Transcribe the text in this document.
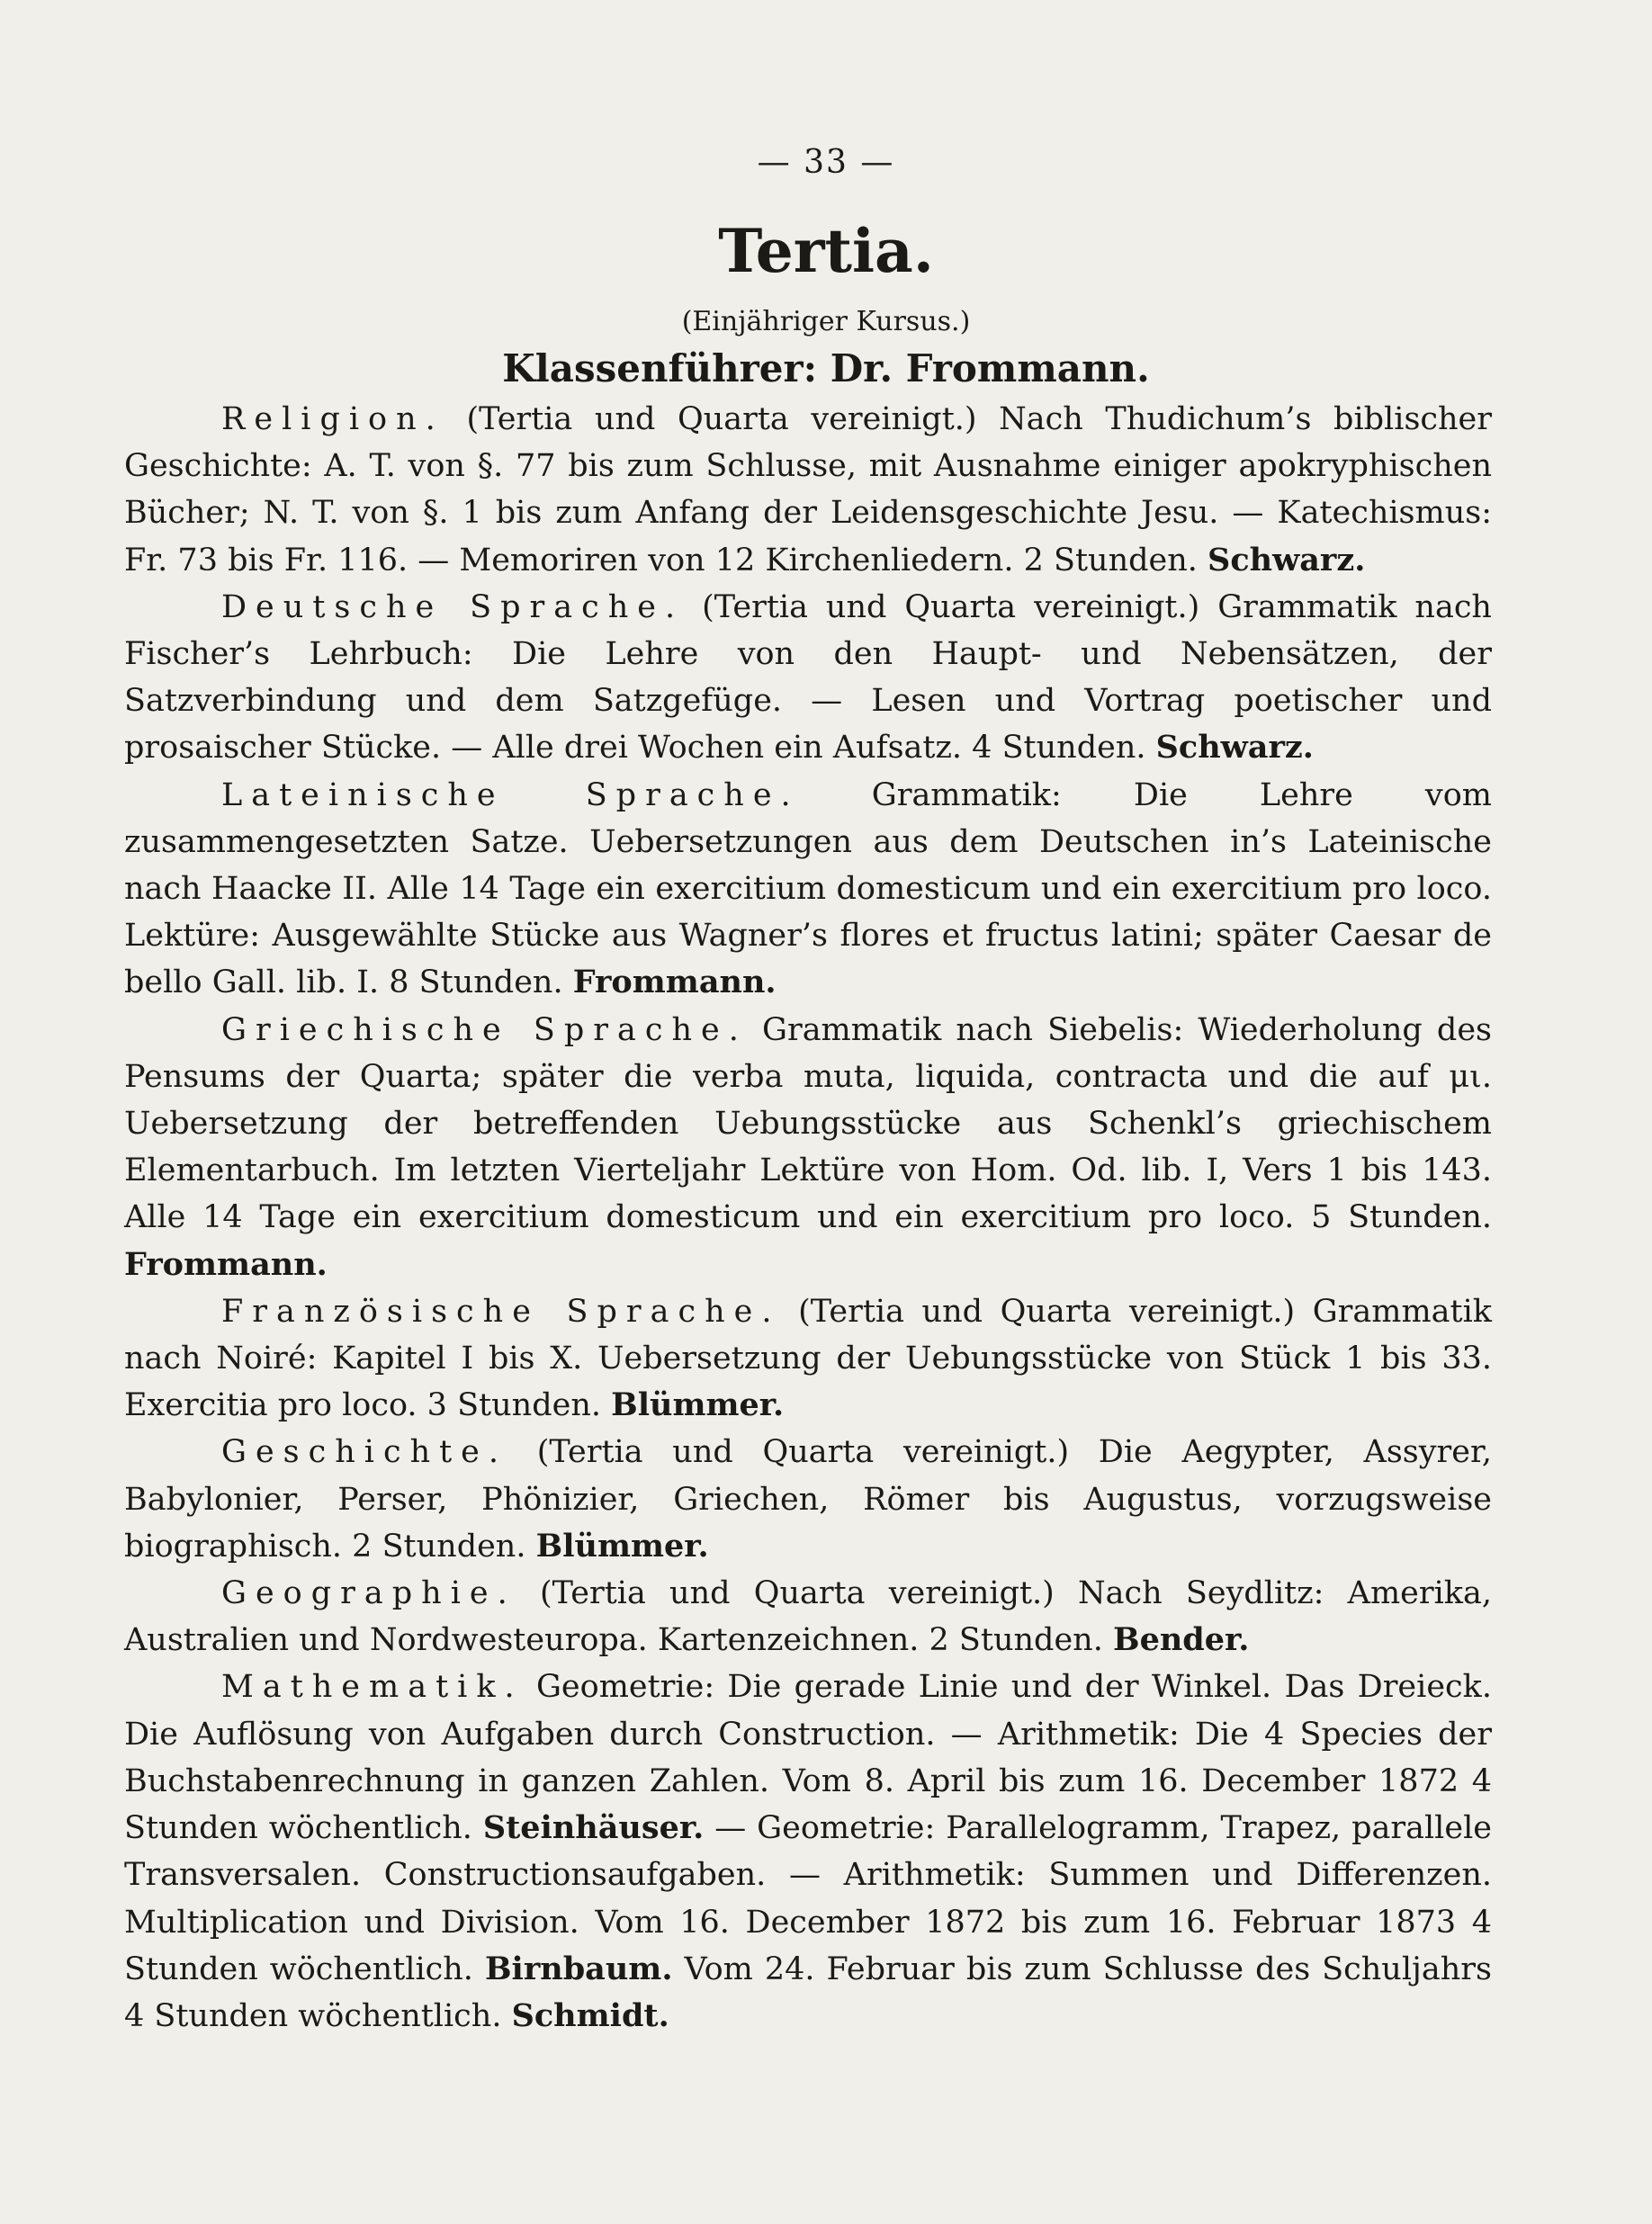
— 33 —
Tertia.
(Einjähriger Kursus.)
Klassenführer: Dr. Frommann.

Religion. (Tertia und Quarta vereinigt.) Nach Thudichum’s biblischer Geschichte: A. T. von §. 77 bis zum Schlusse, mit Ausnahme einiger apokryphischen Bücher; N. T. von §. 1 bis zum Anfang der Leidensgeschichte Jesu. — Katechismus: Fr. 73 bis Fr. 116. — Memoriren von 12 Kirchenliedern. 2 Stunden. Schwarz.

Deutsche Sprache. (Tertia und Quarta vereinigt.) Grammatik nach Fischer’s Lehrbuch: Die Lehre von den Haupt- und Nebensätzen, der Satzverbindung und dem Satzgefüge. — Lesen und Vortrag poetischer und prosaischer Stücke. — Alle drei Wochen ein Aufsatz. 4 Stunden. Schwarz.

Lateinische Sprache. Grammatik: Die Lehre vom zusammengesetzten Satze. Uebersetzungen aus dem Deutschen in’s Lateinische nach Haacke II. Alle 14 Tage ein exercitium domesticum und ein exercitium pro loco. Lektüre: Ausgewählte Stücke aus Wagner’s flores et fructus latini; später Caesar de bello Gall. lib. I. 8 Stunden. Frommann.

Griechische Sprache. Grammatik nach Siebelis: Wiederholung des Pensums der Quarta; später die verba muta, liquida, contracta und die auf μι. Uebersetzung der betreffenden Uebungsstücke aus Schenkl’s griechischem Elementarbuch. Im letzten Vierteljahr Lektüre von Hom. Od. lib. I, Vers 1 bis 143. Alle 14 Tage ein exercitium domesticum und ein exercitium pro loco. 5 Stunden. Frommann.

Französische Sprache. (Tertia und Quarta vereinigt.) Grammatik nach Noiré: Kapitel I bis X. Uebersetzung der Uebungsstücke von Stück 1 bis 33. Exercitia pro loco. 3 Stunden. Blümmer.

Geschichte. (Tertia und Quarta vereinigt.) Die Aegypter, Assyrer, Babylonier, Perser, Phönizier, Griechen, Römer bis Augustus, vorzugsweise biographisch. 2 Stunden. Blümmer.

Geographie. (Tertia und Quarta vereinigt.) Nach Seydlitz: Amerika, Australien und Nordwesteuropa. Kartenzeichnen. 2 Stunden. Bender.

Mathematik. Geometrie: Die gerade Linie und der Winkel. Das Dreieck. Die Auflösung von Aufgaben durch Construction. — Arithmetik: Die 4 Species der Buchstabenrechnung in ganzen Zahlen. Vom 8. April bis zum 16. December 1872 4 Stunden wöchentlich. Steinhäuser. — Geometrie: Parallelogramm, Trapez, parallele Transversalen. Constructionsaufgaben. — Arithmetik: Summen und Differenzen. Multiplication und Division. Vom 16. December 1872 bis zum 16. Februar 1873 4 Stunden wöchentlich. Birnbaum. Vom 24. Februar bis zum Schlusse des Schuljahrs 4 Stunden wöchentlich. Schmidt.
